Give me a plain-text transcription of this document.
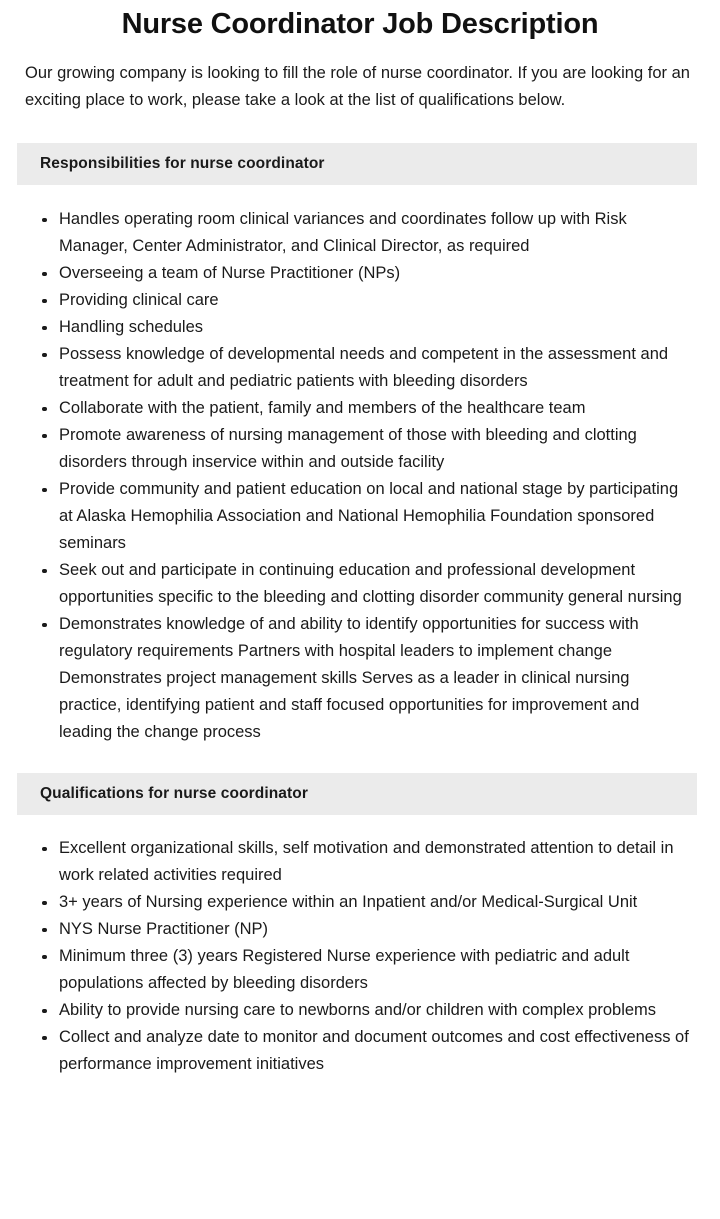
Nurse Coordinator Job Description

Our growing company is looking to fill the role of nurse coordinator. If you are looking for an exciting place to work, please take a look at the list of qualifications below.

Responsibilities for nurse coordinator
Handles operating room clinical variances and coordinates follow up with Risk Manager, Center Administrator, and Clinical Director, as required
Overseeing a team of Nurse Practitioner (NPs)
Providing clinical care
Handling schedules
Possess knowledge of developmental needs and competent in the assessment and treatment for adult and pediatric patients with bleeding disorders
Collaborate with the patient, family and members of the healthcare team
Promote awareness of nursing management of those with bleeding and clotting disorders through inservice within and outside facility
Provide community and patient education on local and national stage by participating at Alaska Hemophilia Association and National Hemophilia Foundation sponsored seminars
Seek out and participate in continuing education and professional development opportunities specific to the bleeding and clotting disorder community general nursing
Demonstrates knowledge of and ability to identify opportunities for success with regulatory requirements Partners with hospital leaders to implement change Demonstrates project management skills Serves as a leader in clinical nursing practice, identifying patient and staff focused opportunities for improvement and leading the change process
Qualifications for nurse coordinator
Excellent organizational skills, self motivation and demonstrated attention to detail in work related activities required
3+ years of Nursing experience within an Inpatient and/or Medical-Surgical Unit
NYS Nurse Practitioner (NP)
Minimum three (3) years Registered Nurse experience with pediatric and adult populations affected by bleeding disorders
Ability to provide nursing care to newborns and/or children with complex problems
Collect and analyze date to monitor and document outcomes and cost effectiveness of performance improvement initiatives
